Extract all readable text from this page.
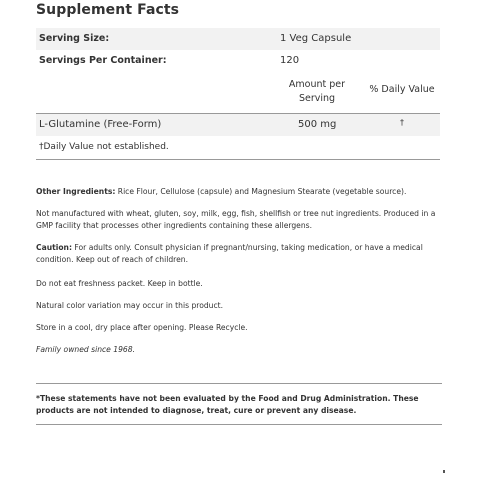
Supplement Facts
Serving Size:	1 Veg Capsule
Servings Per Container:	120
Amount per
Serving
% Daily Value
L-Glutamine (Free-Form)	500 mg	†
†Daily Value not established.
Other Ingredients: Rice Flour, Cellulose (capsule) and Magnesium Stearate (vegetable source).
Not manufactured with wheat, gluten, soy, milk, egg, fish, shellfish or tree nut ingredients. Produced in a GMP facility that processes other ingredients containing these allergens.
Caution: For adults only. Consult physician if pregnant/nursing, taking medication, or have a medical condition. Keep out of reach of children.
Do not eat freshness packet. Keep in bottle.
Natural color variation may occur in this product.
Store in a cool, dry place after opening. Please Recycle.
Family owned since 1968.
*These statements have not been evaluated by the Food and Drug Administration. These products are not intended to diagnose, treat, cure or prevent any disease.
